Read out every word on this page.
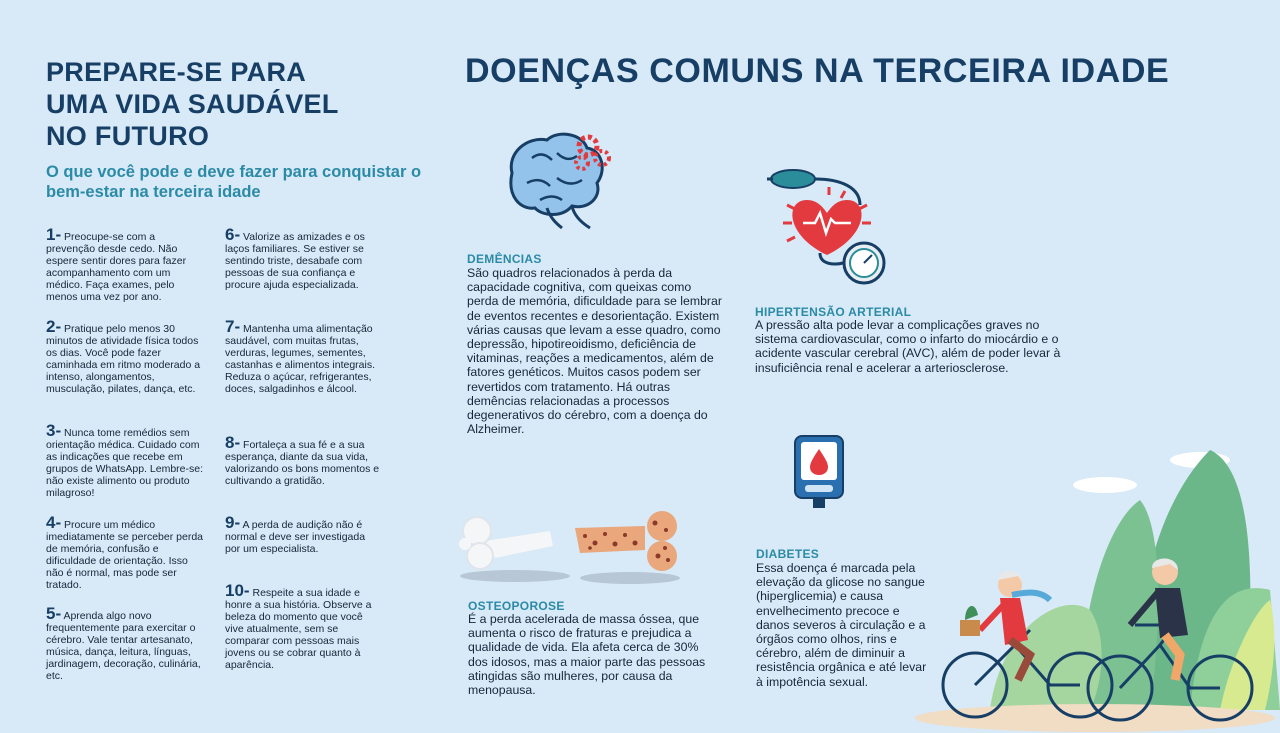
PREPARE-SE PARA
UMA VIDA SAUDÁVEL
NO FUTURO
O que você pode e deve fazer para conquistar o bem-estar na terceira idade
1- Preocupe-se com a prevenção desde cedo. Não espere sentir dores para fazer acompanhamento com um médico. Faça exames, pelo menos uma vez por ano.
2- Pratique pelo menos 30 minutos de atividade física todos os dias. Você pode fazer caminhada em ritmo moderado a intenso, alongamentos, musculação, pilates, dança, etc.
3- Nunca tome remédios sem orientação médica. Cuidado com as indicações que recebe em grupos de WhatsApp. Lembre-se: não existe alimento ou produto milagroso!
4- Procure um médico imediatamente se perceber perda de memória, confusão e dificuldade de orientação. Isso não é normal, mas pode ser tratado.
5- Aprenda algo novo frequentemente para exercitar o cérebro. Vale tentar artesanato, música, dança, leitura, línguas, jardinagem, decoração, culinária, etc.
6- Valorize as amizades e os laços familiares. Se estiver se sentindo triste, desabafe com pessoas de sua confiança e procure ajuda especializada.
7- Mantenha uma alimentação saudável, com muitas frutas, verduras, legumes, sementes, castanhas e alimentos integrais. Reduza o açúcar, refrigerantes, doces, salgadinhos e álcool.
8- Fortaleça a sua fé e a sua esperança, diante da sua vida, valorizando os bons momentos e cultivando a gratidão.
9- A perda de audição não é normal e deve ser investigada por um especialista.
10- Respeite a sua idade e honre a sua história. Observe a beleza do momento que você vive atualmente, sem se comparar com pessoas mais jovens ou se cobrar quanto à aparência.
DOENÇAS COMUNS NA TERCEIRA IDADE
DEMÊNCIAS
São quadros relacionados à perda da capacidade cognitiva, com queixas como perda de memória, dificuldade para se lembrar de eventos recentes e desorientação. Existem várias causas que levam a esse quadro, como depressão, hipotireoidismo, deficiência de vitaminas, reações a medicamentos, além de fatores genéticos. Muitos casos podem ser revertidos com tratamento. Há outras demências relacionadas a processos degenerativos do cérebro, com a doença do Alzheimer.
HIPERTENSÃO ARTERIAL
A pressão alta pode levar a complicações graves no sistema cardiovascular, como o infarto do miocárdio e o acidente vascular cerebral (AVC), além de poder levar à insuficiência renal e acelerar a arteriosclerose.
OSTEOPOROSE
É a perda acelerada de massa óssea, que aumenta o risco de fraturas e prejudica a qualidade de vida. Ela afeta cerca de 30% dos idosos, mas a maior parte das pessoas atingidas são mulheres, por causa da menopausa.
DIABETES
Essa doença é marcada pela elevação da glicose no sangue (hiperglicemia) e causa envelhecimento precoce e danos severos à circulação e a órgãos como olhos, rins e cérebro, além de diminuir a resistência orgânica e até levar à impotência sexual.
